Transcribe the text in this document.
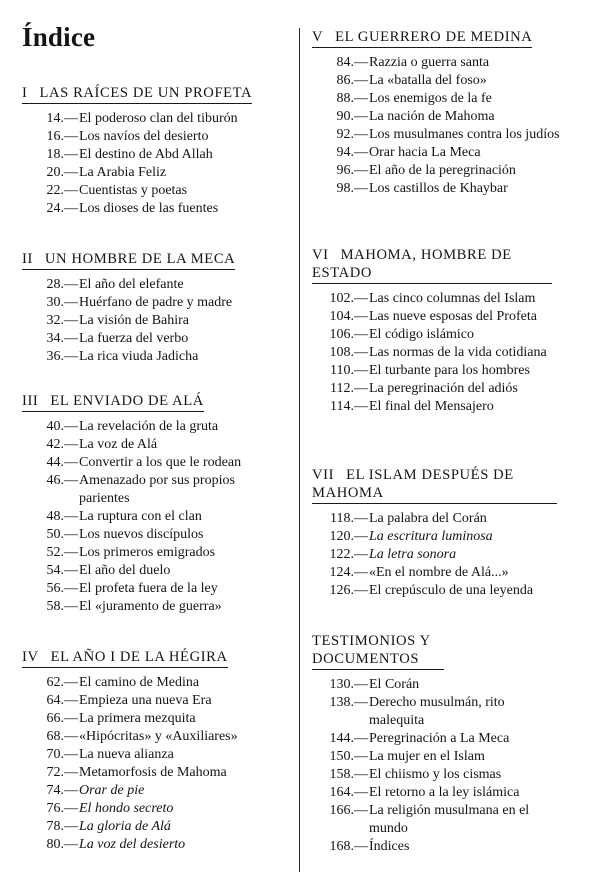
Índice
I LAS RAÍCES DE UN PROFETA
14.— El poderoso clan del tiburón
16.— Los navíos del desierto
18.— El destino de Abd Allah
20.— La Arabia Feliz
22.— Cuentistas y poetas
24.— Los dioses de las fuentes
II UN HOMBRE DE LA MECA
28.— El año del elefante
30.— Huérfano de padre y madre
32.— La visión de Bahira
34.— La fuerza del verbo
36.— La rica viuda Jadicha
III EL ENVIADO DE ALÁ
40.— La revelación de la gruta
42.— La voz de Alá
44.— Convertir a los que le rodean
46.— Amenazado por sus propios parientes
48.— La ruptura con el clan
50.— Los nuevos discípulos
52.— Los primeros emigrados
54.— El año del duelo
56.— El profeta fuera de la ley
58.— El «juramento de guerra»
IV EL AÑO I DE LA HÉGIRA
62.— El camino de Medina
64.— Empieza una nueva Era
66.— La primera mezquita
68.— «Hipócritas» y «Auxiliares»
70.— La nueva alianza
72.— Metamorfosis de Mahoma
74.— Orar de pie
76.— El hondo secreto
78.— La gloria de Alá
80.— La voz del desierto
V EL GUERRERO DE MEDINA
84.— Razzia o guerra santa
86.— La «batalla del foso»
88.— Los enemigos de la fe
90.— La nación de Mahoma
92.— Los musulmanes contra los judíos
94.— Orar hacia La Meca
96.— El año de la peregrinación
98.— Los castillos de Khaybar
VI MAHOMA, HOMBRE DE ESTADO
102.— Las cinco columnas del Islam
104.— Las nueve esposas del Profeta
106.— El código islámico
108.— Las normas de la vida cotidiana
110.— El turbante para los hombres
112.— La peregrinación del adiós
114.— El final del Mensajero
VII EL ISLAM DESPUÉS DE MAHOMA
118.— La palabra del Corán
120.— La escritura luminosa
122.— La letra sonora
124.— «En el nombre de Alá...»
126.— El crepúsculo de una leyenda
TESTIMONIOS Y DOCUMENTOS
130.— El Corán
138.— Derecho musulmán, rito malequita
144.— Peregrinación a La Meca
150.— La mujer en el Islam
158.— El chiismo y los cismas
164.— El retorno a la ley islámica
166.— La religión musulmana en el mundo
168.— Índices
